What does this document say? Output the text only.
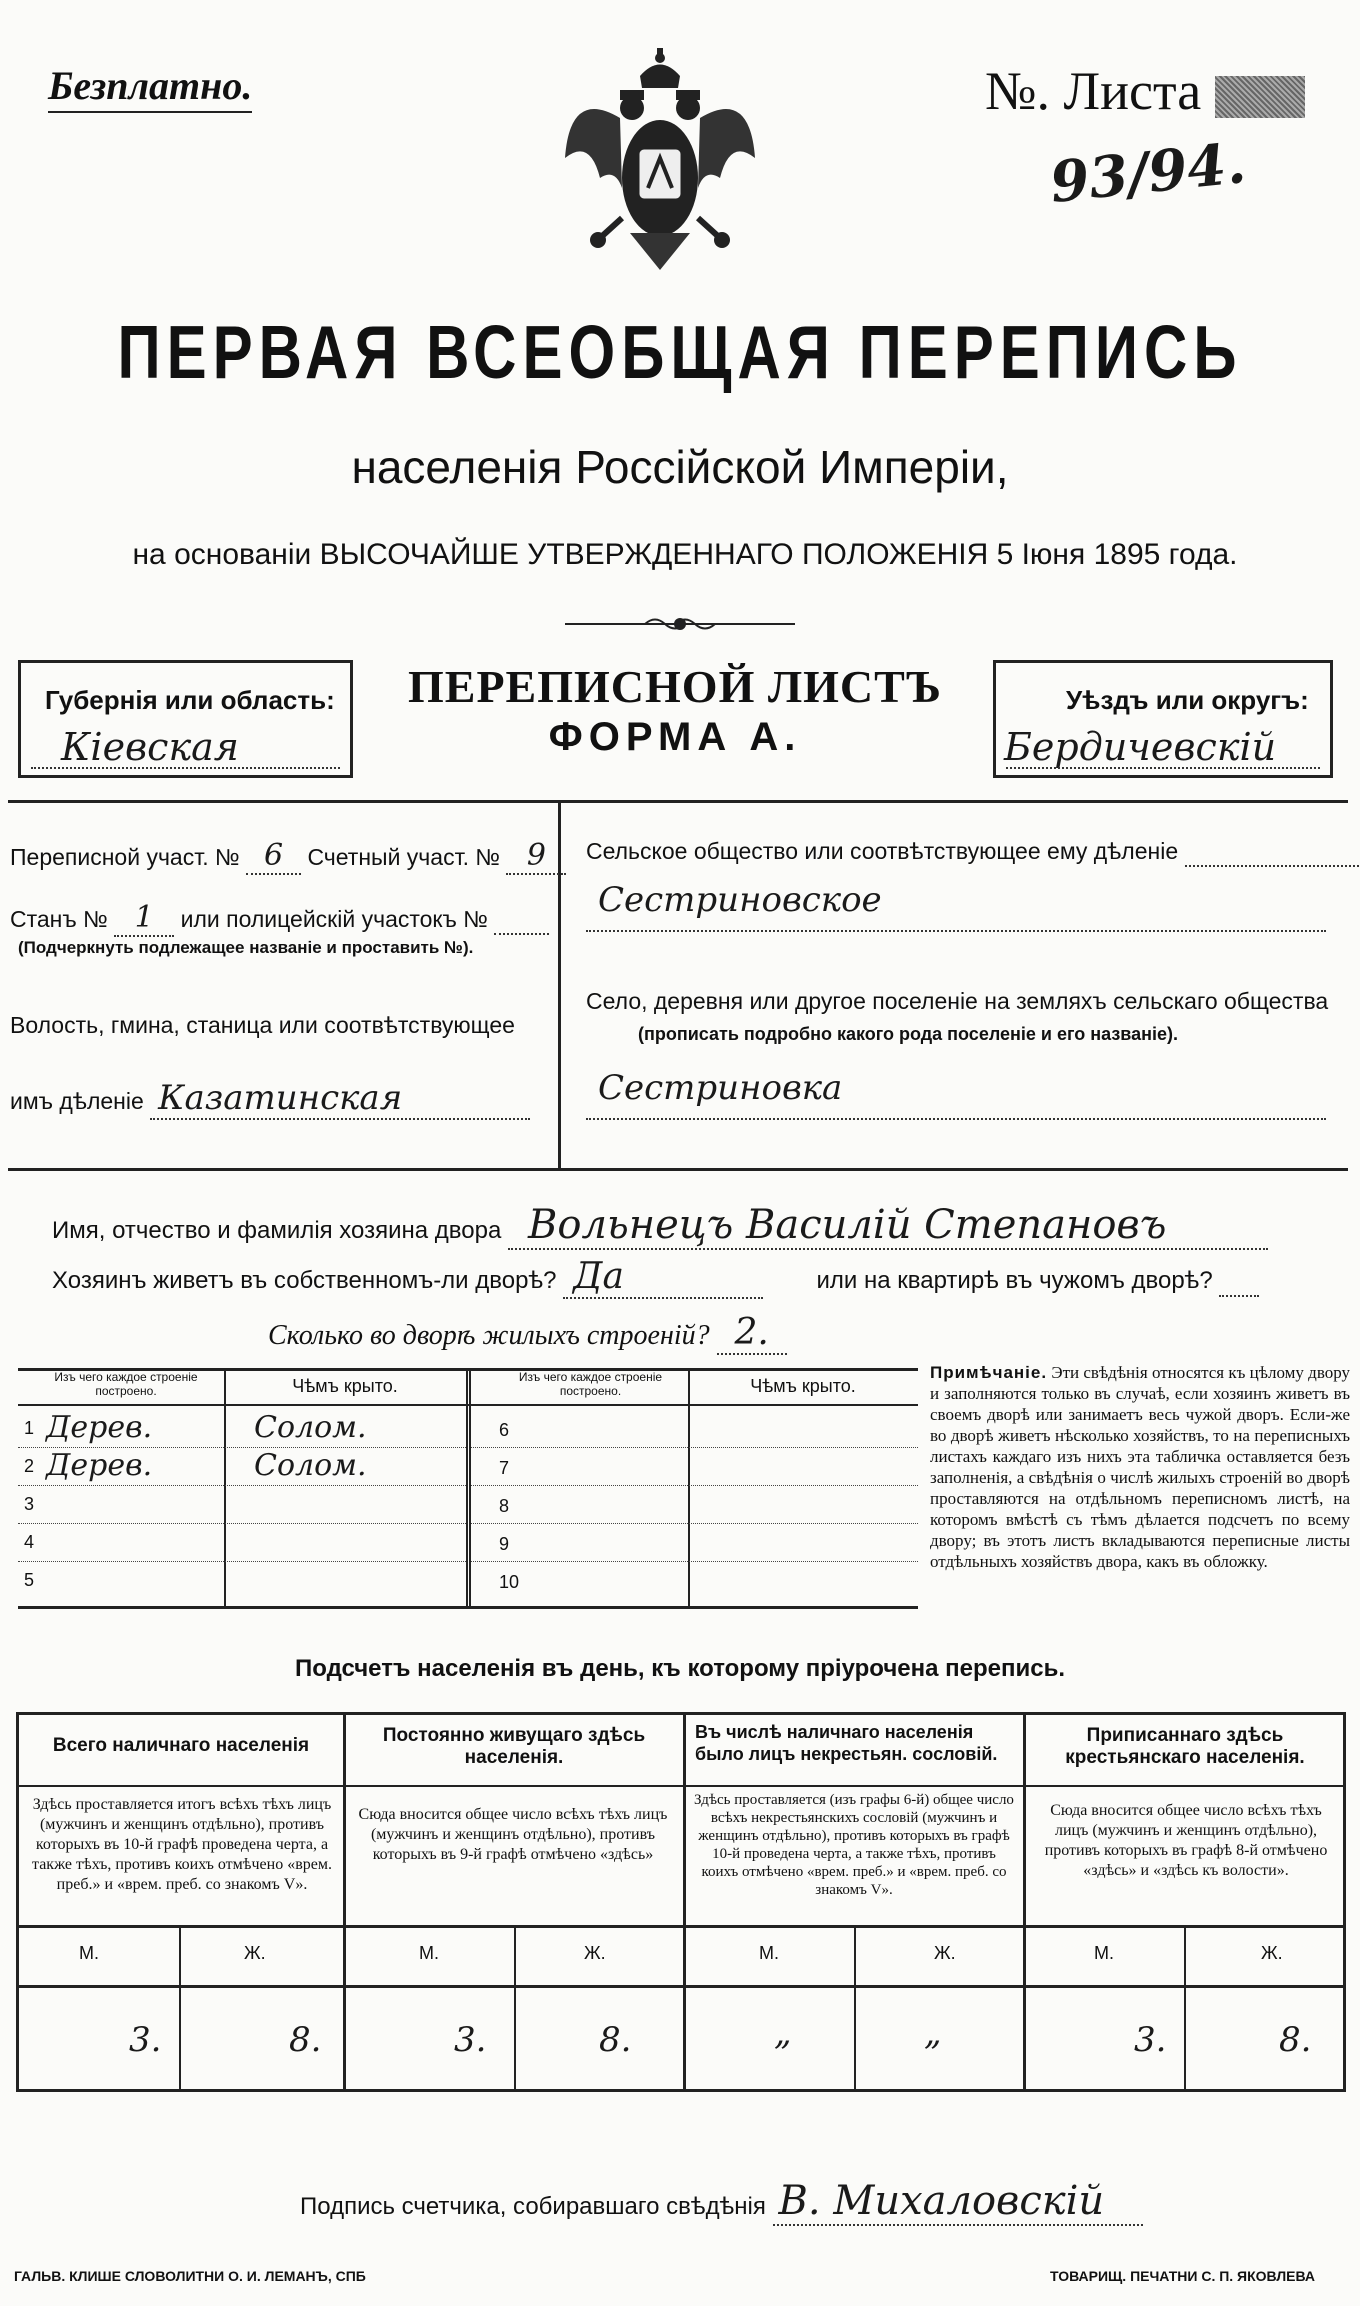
Безплатно.	№. Листа
93/94.
ПЕРВАЯ ВСЕОБЩАЯ ПЕРЕПИСЬ
населенія Россійской Имперіи,
на основаніи ВЫСОЧАЙШЕ УТВЕРЖДЕННАГО ПОЛОЖЕНІЯ 5 Іюня 1895 года.
Губернія или область:
Кіевская
ПЕРЕПИСНОЙ ЛИСТЪ
ФОРМА А.
Уѣздъ или округъ:
Бердичевскій
Переписной участ. № 6 Счетный участ. № 9
Станъ № 1 или полицейскій участокъ №
(Подчеркнуть подлежащее названіе и проставить №).
Волость, гмина, станица или соотвѣтствующее
имъ дѣленіе Казатинская
Сельское общество или соотвѣтствующее ему дѣленіе
Сестриновское
Село, деревня или другое поселеніе на земляхъ сельскаго общества
(прописать подробно какого рода поселеніе и его названіе).
Сестриновка
Имя, отчество и фамилія хозяина двора Вольнецъ Василій Степановъ
Хозяинъ живетъ въ собственномъ-ли дворѣ? Да	или на квартирѣ въ чужомъ дворѣ?
Сколько во дворѣ жилыхъ строеній? 2.
Изъ чего каждое строеніе построено.	Чѣмъ крыто.	Изъ чего каждое строеніе построено.	Чѣмъ крыто.
1 Дерев.	Солом.
2 Дерев.	Солом.
3
4
5
6
7
8
9
10
Примѣчаніе. Эти свѣдѣнія относятся къ цѣлому двору и заполняются только въ случаѣ, если хозяинъ живетъ въ своемъ дворѣ или занимаетъ весь чужой дворъ. Если-же во дворѣ живетъ нѣсколько хозяйствъ, то на переписныхъ листахъ каждаго изъ нихъ эта табличка оставляется безъ заполненія, а свѣдѣнія о числѣ жилыхъ строеній во дворѣ проставляются на отдѣльномъ переписномъ листѣ, на которомъ вмѣстѣ съ тѣмъ дѣлается подсчетъ по всему двору; въ этотъ листъ вкладываются переписные листы отдѣльныхъ хозяйствъ двора, какъ въ обложку.
Подсчетъ населенія въ день, къ которому пріурочена перепись.
Всего наличнаго населенія
Здѣсь проставляется итогъ всѣхъ тѣхъ лицъ (мужчинъ и женщинъ отдѣльно), противъ которыхъ въ 10-й графѣ проведена черта, а также тѣхъ, противъ коихъ отмѣчено «врем. преб.» и «врем. преб. со знакомъ V».
М.	Ж.
3.	8.
Постоянно живущаго здѣсь населенія.
Сюда вносится общее число всѣхъ тѣхъ лицъ (мужчинъ и женщинъ отдѣльно), противъ которыхъ въ 9-й графѣ отмѣчено «здѣсь»
М.	Ж.
3.	8.
Въ числѣ наличнаго населенія было лицъ некрестьян. сословій.
Здѣсь проставляется (изъ графы 6-й) общее число всѣхъ некрестьянскихъ сословій (мужчинъ и женщинъ отдѣльно), противъ которыхъ въ графѣ 10-й проведена черта, а также тѣхъ, противъ коихъ отмѣчено «врем. преб.» и «врем. преб. со знакомъ V».
М.	Ж.
„	„
Приписаннаго здѣсь крестьянскаго населенія.
Сюда вносится общее число всѣхъ тѣхъ лицъ (мужчинъ и женщинъ отдѣльно), противъ которыхъ въ графѣ 8-й отмѣчено «здѣсь» и «здѣсь къ волости».
М.	Ж.
3.	8.
Подпись счетчика, собиравшаго свѣдѣнія В. Михаловскій
ГАЛЬВ. КЛИШЕ СЛОВОЛИТНИ О. И. ЛЕМАНЪ, СПБ	ТОВАРИЩ. ПЕЧАТНИ С. П. ЯКОВЛЕВА
